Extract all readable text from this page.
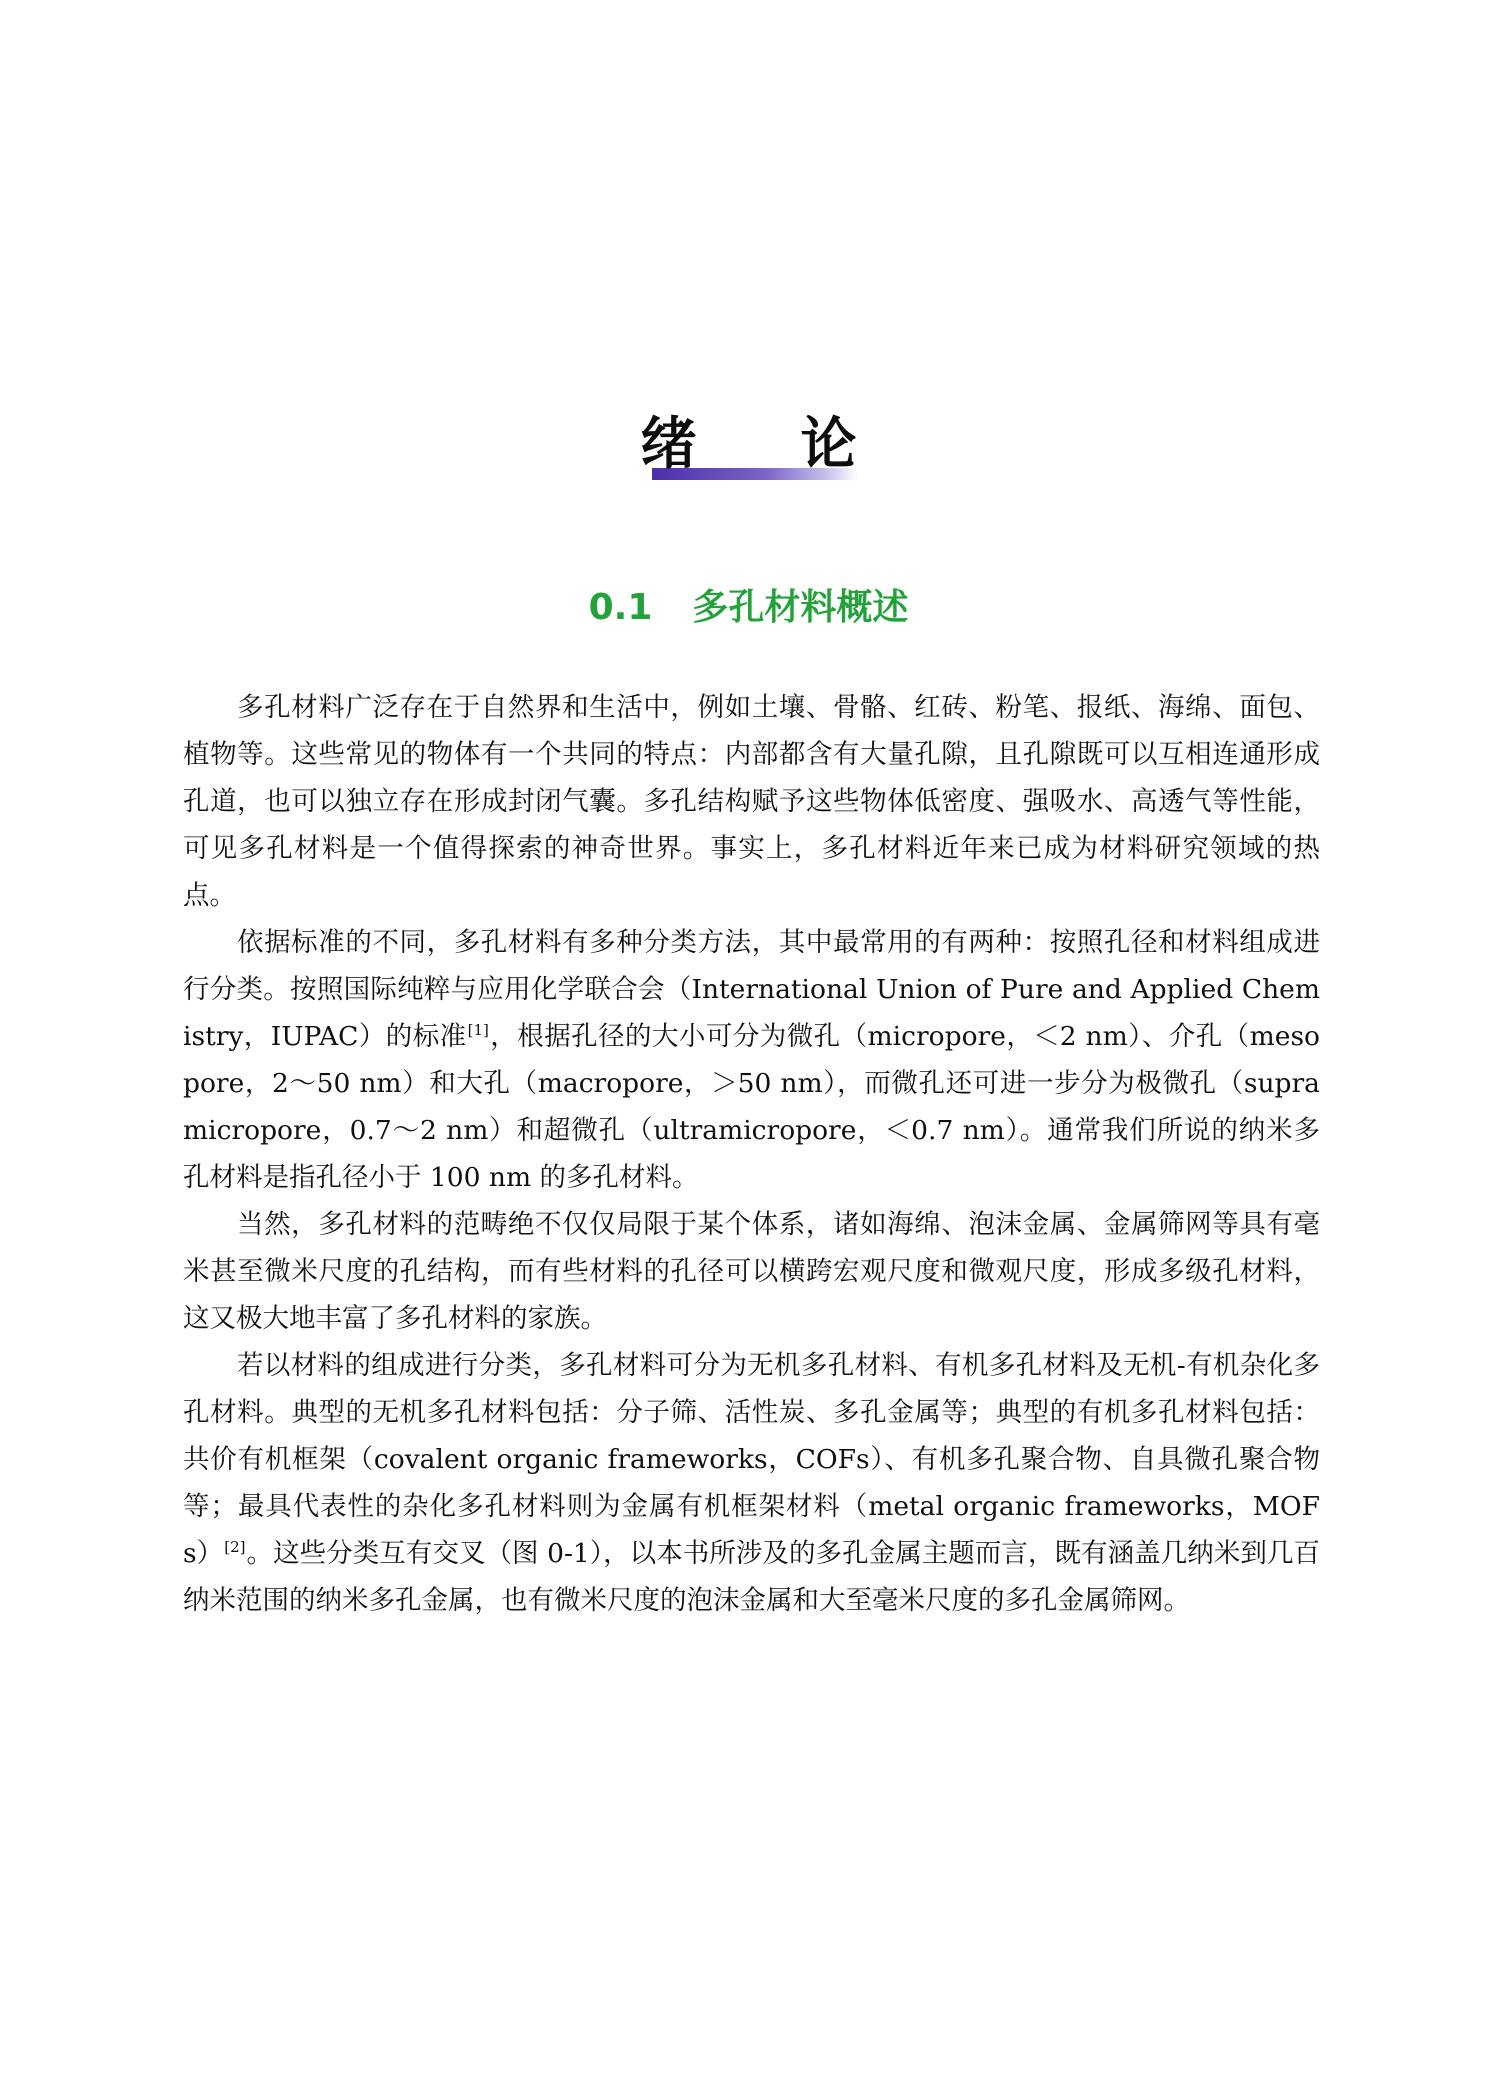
绪 论
0.1 多孔材料概述

多孔材料广泛存在于自然界和生活中，例如土壤、骨骼、红砖、粉笔、报纸、海绵、面包、植物等。这些常见的物体有一个共同的特点：内部都含有大量孔隙，且孔隙既可以互相连通形成孔道，也可以独立存在形成封闭气囊。多孔结构赋予这些物体低密度、强吸水、高透气等性能，可见多孔材料是一个值得探索的神奇世界。事实上，多孔材料近年来已成为材料研究领域的热点。

依据标准的不同，多孔材料有多种分类方法，其中最常用的有两种：按照孔径和材料组成进行分类。按照国际纯粹与应用化学联合会（International Union of Pure and Applied Chemistry，IUPAC）的标准[1]，根据孔径的大小可分为微孔（micropore，＜2 nm）、介孔（mesopore，2～50 nm）和大孔（macropore，＞50 nm），而微孔还可进一步分为极微孔（supramicropore，0.7～2 nm）和超微孔（ultramicropore，＜0.7 nm）。通常我们所说的纳米多孔材料是指孔径小于 100 nm 的多孔材料。

当然，多孔材料的范畴绝不仅仅局限于某个体系，诸如海绵、泡沫金属、金属筛网等具有毫米甚至微米尺度的孔结构，而有些材料的孔径可以横跨宏观尺度和微观尺度，形成多级孔材料，这又极大地丰富了多孔材料的家族。

若以材料的组成进行分类，多孔材料可分为无机多孔材料、有机多孔材料及无机-有机杂化多孔材料。典型的无机多孔材料包括：分子筛、活性炭、多孔金属等；典型的有机多孔材料包括：共价有机框架（covalent organic frameworks，COFs）、有机多孔聚合物、自具微孔聚合物等；最具代表性的杂化多孔材料则为金属有机框架材料（metal organic frameworks，MOFs）[2]。这些分类互有交叉（图 0-1），以本书所涉及的多孔金属主题而言，既有涵盖几纳米到几百纳米范围的纳米多孔金属，也有微米尺度的泡沫金属和大至毫米尺度的多孔金属筛网。
